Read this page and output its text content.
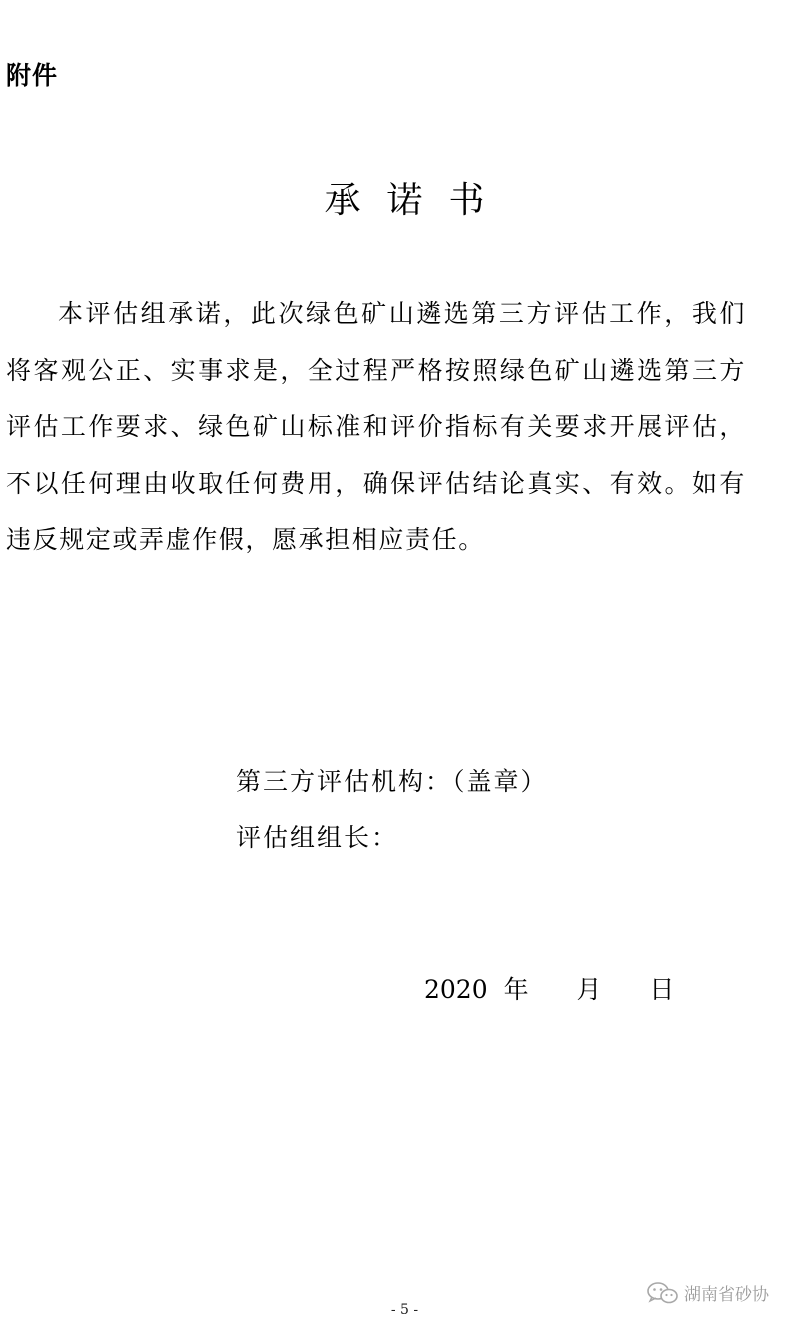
附件
承诺书

本评估组承诺，此次绿色矿山遴选第三方评估工作，我们将客观公正、实事求是，全过程严格按照绿色矿山遴选第三方评估工作要求、绿色矿山标准和评价指标有关要求开展评估，不以任何理由收取任何费用，确保评估结论真实、有效。如有违反规定或弄虚作假，愿承担相应责任。

第三方评估机构：（盖章）
评估组组长：
2020 年 月 日
- 5 -
湖南省砂协
